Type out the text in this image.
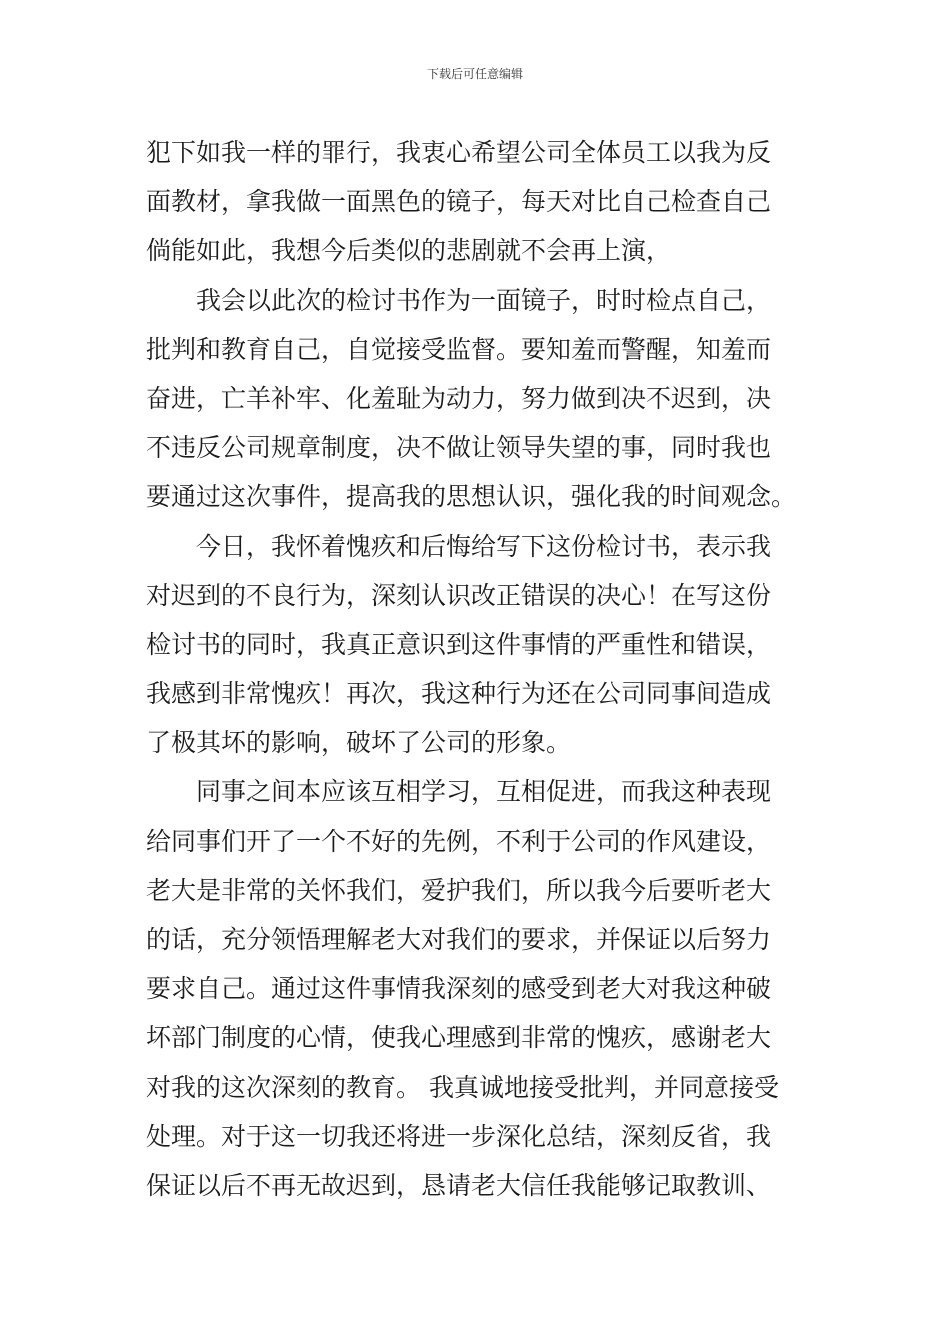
下载后可任意编辑
犯下如我一样的罪行，我衷心希望公司全体员工以我为反
面教材，拿我做一面黑色的镜子，每天对比自己检查自己
倘能如此，我想今后类似的悲剧就不会再上演，
我会以此次的检讨书作为一面镜子，时时检点自己，
批判和教育自己，自觉接受监督。要知羞而警醒，知羞而
奋进，亡羊补牢、化羞耻为动力，努力做到决不迟到，决
不违反公司规章制度，决不做让领导失望的事，同时我也
要通过这次事件，提高我的思想认识，强化我的时间观念。
今日，我怀着愧疚和后悔给写下这份检讨书，表示我
对迟到的不良行为，深刻认识改正错误的决心！在写这份
检讨书的同时，我真正意识到这件事情的严重性和错误，
我感到非常愧疚！再次，我这种行为还在公司同事间造成
了极其坏的影响，破坏了公司的形象。
同事之间本应该互相学习，互相促进，而我这种表现
给同事们开了一个不好的先例，不利于公司的作风建设，
老大是非常的关怀我们，爱护我们，所以我今后要听老大
的话，充分领悟理解老大对我们的要求，并保证以后努力
要求自己。通过这件事情我深刻的感受到老大对我这种破
坏部门制度的心情，使我心理感到非常的愧疚，感谢老大
对我的这次深刻的教育。 我真诚地接受批判，并同意接受
处理。对于这一切我还将进一步深化总结，深刻反省，我
保证以后不再无故迟到，恳请老大信任我能够记取教训、
